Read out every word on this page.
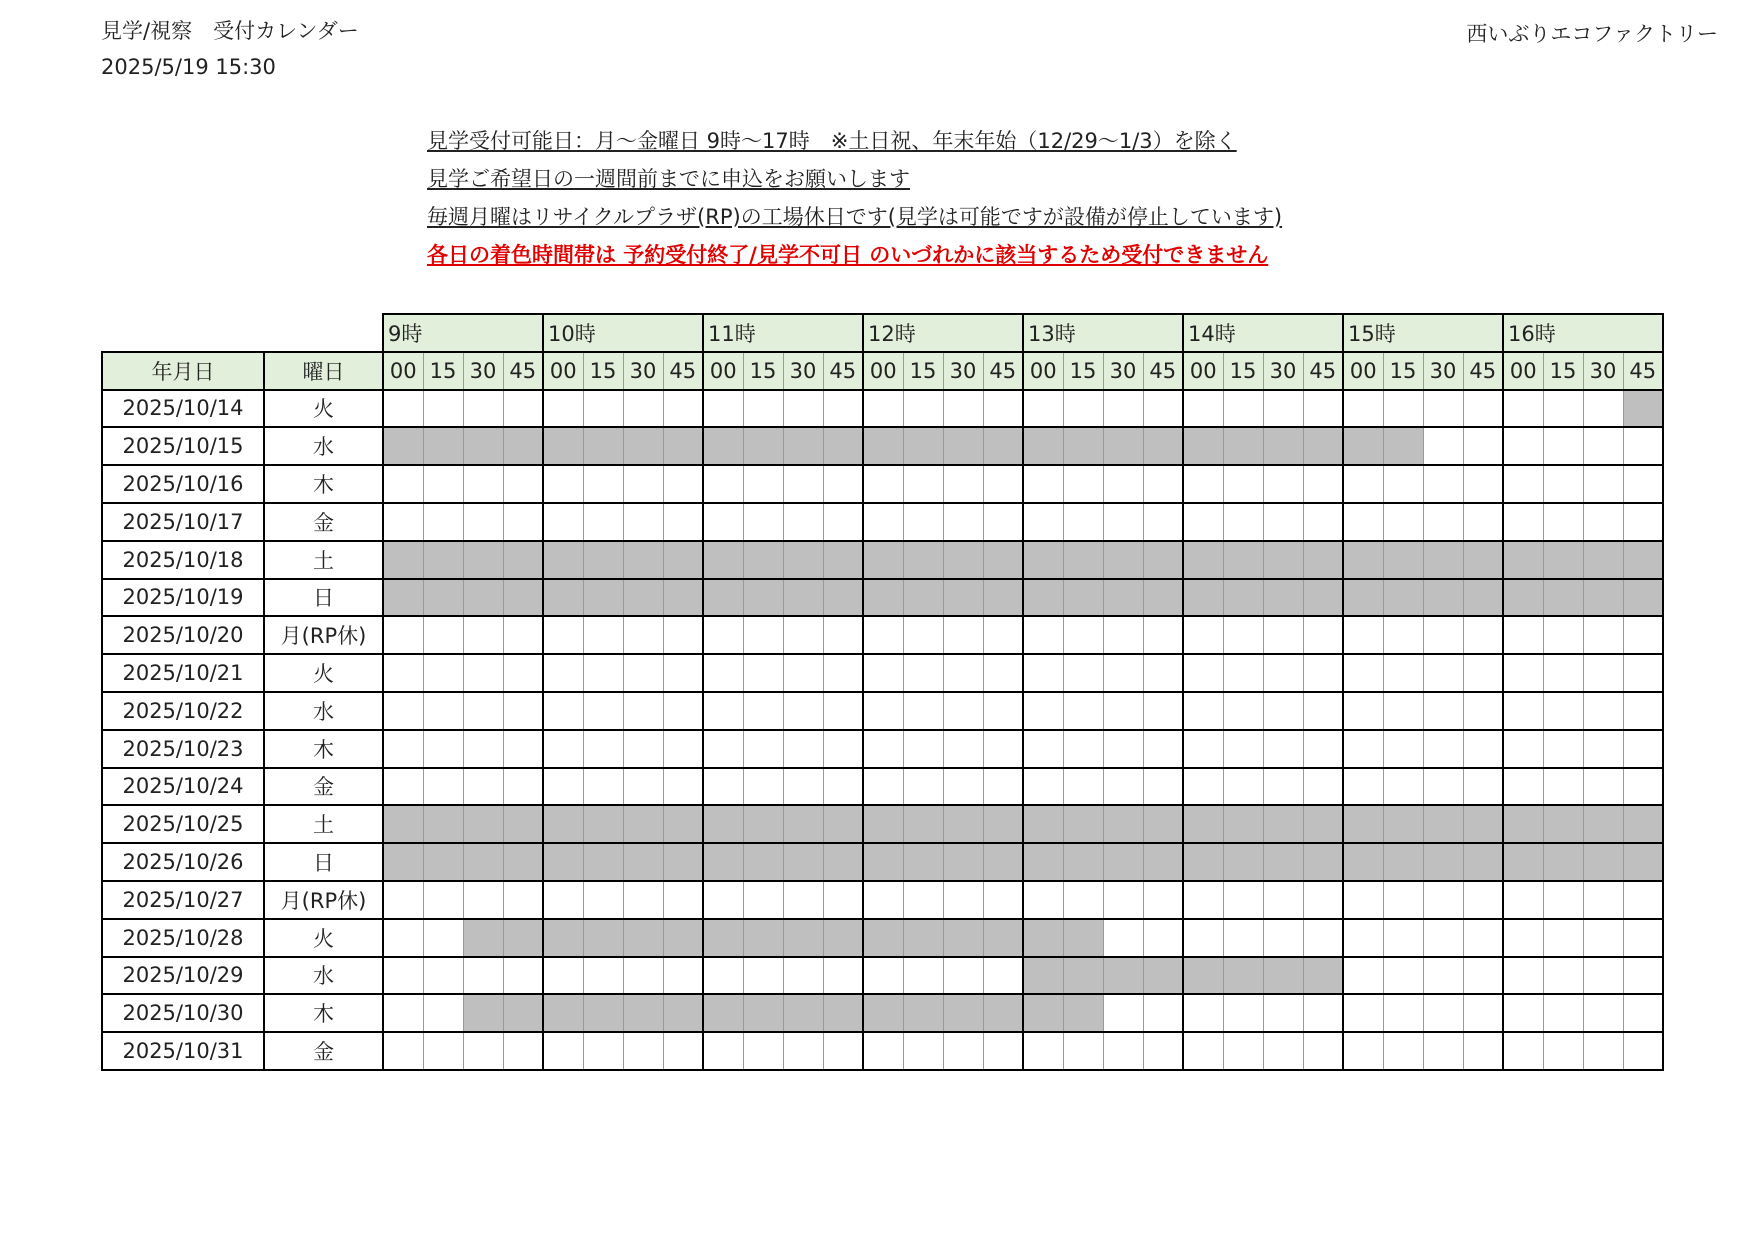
見学/視察　受付カレンダー
2025/5/19 15:30
西いぶりエコファクトリー
見学受付可能日：月～金曜日 9時～17時　※土日祝、年末年始（12/29～1/3）を除く
見学ご希望日の一週間前までに申込をお願いします
毎週月曜はリサイクルプラザ(RP)の工場休日です(見学は可能ですが設備が停止しています)
各日の着色時間帯は 予約受付終了/見学不可日 のいづれかに該当するため受付できません
		9時				10時				11時				12時				13時				14時				15時				16時			
年月日	曜日	00	15	30	45	00	15	30	45	00	15	30	45	00	15	30	45	00	15	30	45	00	15	30	45	00	15	30	45	00	15	30	45
2025/10/14	火																																
2025/10/15	水																																
2025/10/16	木																																
2025/10/17	金																																
2025/10/18	土																																
2025/10/19	日																																
2025/10/20	月(RP休)																																
2025/10/21	火																																
2025/10/22	水																																
2025/10/23	木																																
2025/10/24	金																																
2025/10/25	土																																
2025/10/26	日																																
2025/10/27	月(RP休)																																
2025/10/28	火																																
2025/10/29	水																																
2025/10/30	木																																
2025/10/31	金																																
